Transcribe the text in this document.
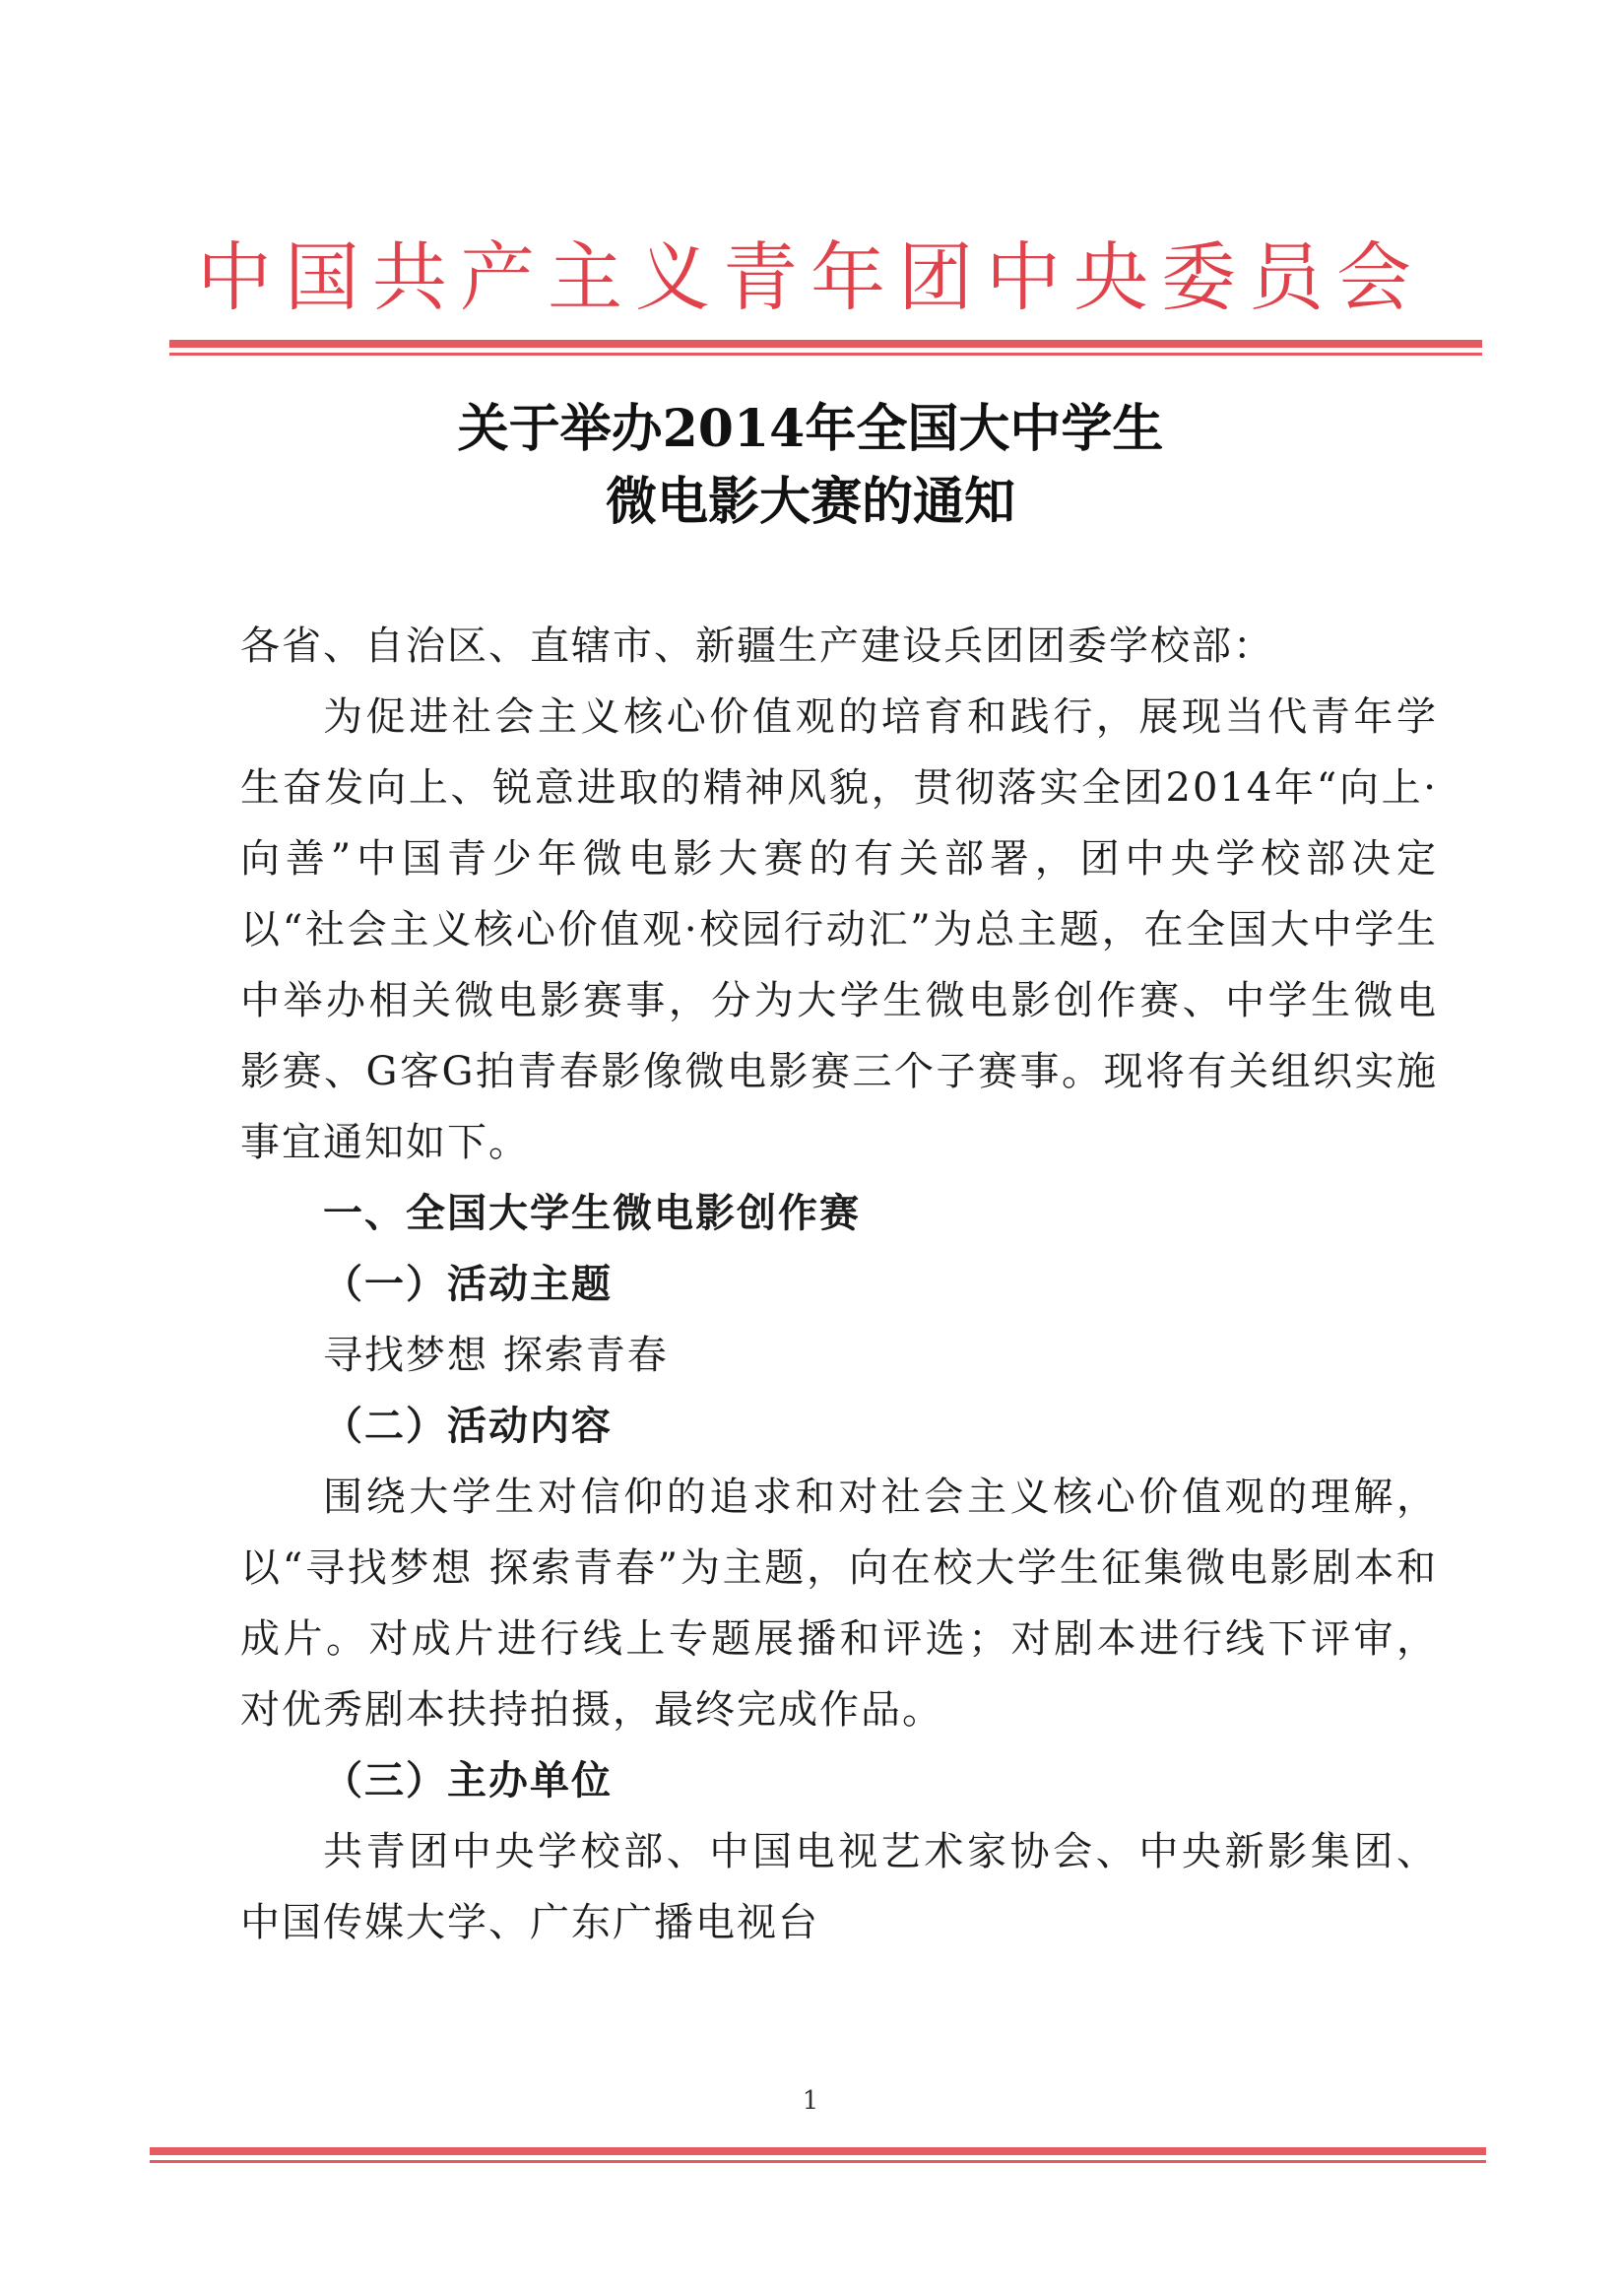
中国共产主义青年团中央委员会
关于举办2014年全国大中学生
微电影大赛的通知

各省、自治区、直辖市、新疆生产建设兵团团委学校部：

为促进社会主义核心价值观的培育和践行，展现当代青年学生奋发向上、锐意进取的精神风貌，贯彻落实全团2014年“向上·向善”中国青少年微电影大赛的有关部署，团中央学校部决定以“社会主义核心价值观·校园行动汇”为总主题，在全国大中学生中举办相关微电影赛事，分为大学生微电影创作赛、中学生微电影赛、G客G拍青春影像微电影赛三个子赛事。现将有关组织实施事宜通知如下。

一、全国大学生微电影创作赛

（一）活动主题

寻找梦想 探索青春

（二）活动内容

围绕大学生对信仰的追求和对社会主义核心价值观的理解，以“寻找梦想 探索青春”为主题，向在校大学生征集微电影剧本和成片。对成片进行线上专题展播和评选；对剧本进行线下评审，对优秀剧本扶持拍摄，最终完成作品。

（三）主办单位

共青团中央学校部、中国电视艺术家协会、中央新影集团、中国传媒大学、广东广播电视台

1
